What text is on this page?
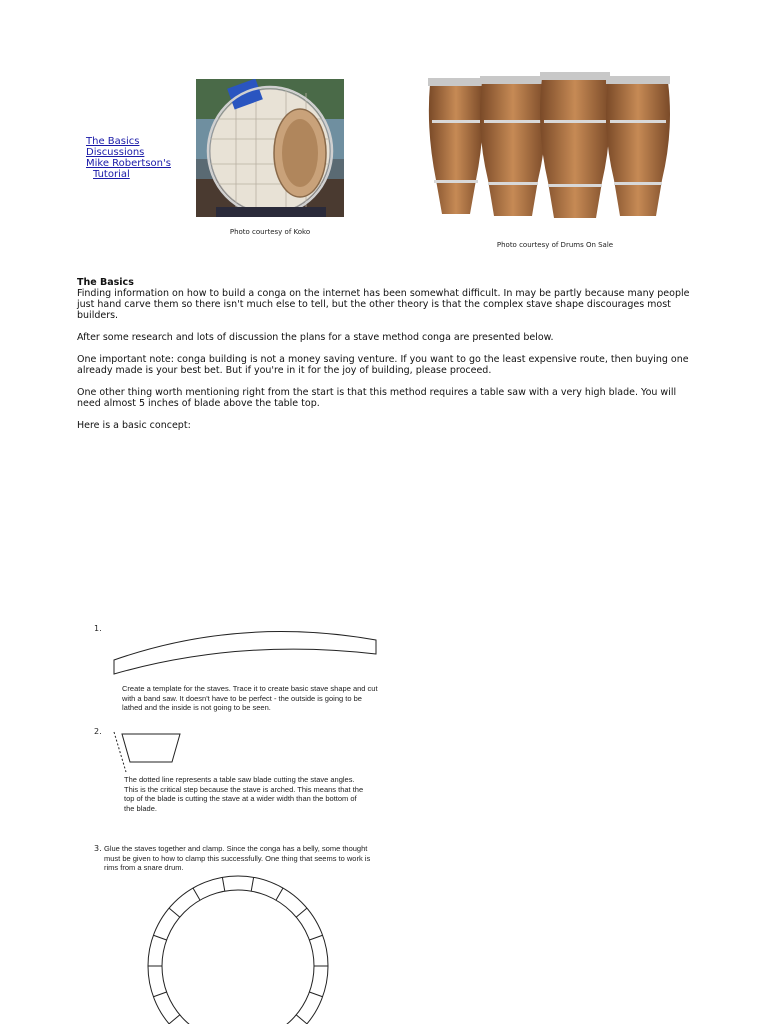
The Basics
Discussions
Mike Robertson's
Tutorial
Photo courtesy of Koko
Photo courtesy of Drums On Sale
The Basics

Finding information on how to build a conga on the internet has been somewhat difficult. In may be partly because many people just hand carve them so there isn't much else to tell, but the other theory is that the complex stave shape discourages most builders.

After some research and lots of discussion the plans for a stave method conga are presented below.

One important note: conga building is not a money saving venture. If you want to go the least expensive route, then buying one already made is your best bet. But if you're in it for the joy of building, please proceed.

One other thing worth mentioning right from the start is that this method requires a table saw with a very high blade. You will need almost 5 inches of blade above the table top.

Here is a basic concept:

1.
Create a template for the staves. Trace it to create basic stave shape and cut with a band saw. It doesn't have to be perfect - the outside is going to be lathed and the inside is not going to be seen.
2.
The dotted line represents a table saw blade cutting the stave angles. This is the critical step because the stave is arched. This means that the top of the blade is cutting the stave at a wider width than the bottom of the blade.
3. Glue the staves together and clamp. Since the conga has a belly, some thought must be given to how to clamp this successfully. One thing that seems to work is rims from a snare drum.
